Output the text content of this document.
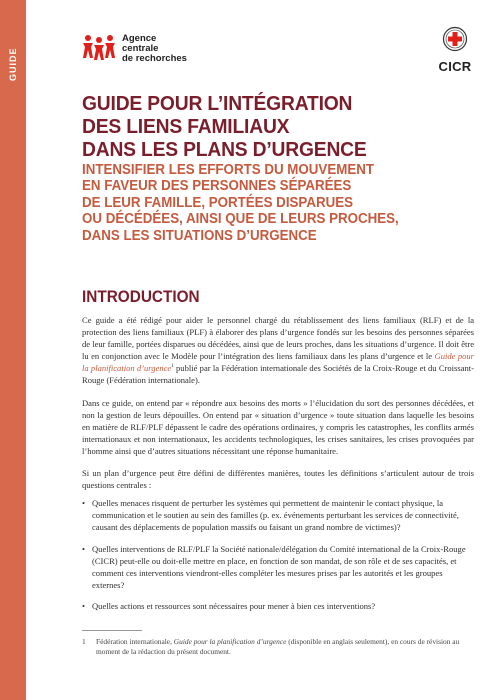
GUIDE
Agence
centrale
de rechorches
CICR
GUIDE POUR L’INTÉGRATION
DES LIENS FAMILIAUX
DANS LES PLANS D’URGENCE
INTENSIFIER LES EFFORTS DU MOUVEMENT
EN FAVEUR DES PERSONNES SÉPARÉES
DE LEUR FAMILLE, PORTÉES DISPARUES
OU DÉCÉDÉES, AINSI QUE DE LEURS PROCHES,
DANS LES SITUATIONS D’URGENCE
INTRODUCTION

Ce guide a été rédigé pour aider le personnel chargé du rétablissement des liens familiaux (RLF) et de la protection des liens familiaux (PLF) à élaborer des plans d’urgence fondés sur les besoins des personnes séparées de leur famille, portées disparues ou décédées, ainsi que de leurs proches, dans les situations d’urgence. Il doit être lu en conjonction avec le Modèle pour l’intégration des liens familiaux dans les plans d’urgence et le Guide pour la planification d’urgence$^1$ publié par la Fédération internationale des Sociétés de la Croix-Rouge et du Croissant-Rouge (Fédération internationale).

Dans ce guide, on entend par « répondre aux besoins des morts » l’élucidation du sort des personnes décédées, et non la gestion de leurs dépouilles. On entend par « situation d’urgence » toute situation dans laquelle les besoins en matière de RLF/PLF dépassent le cadre des opérations ordinaires, y compris les catastrophes, les conflits armés internationaux et non internationaux, les accidents technologiques, les crises sanitaires, les crises provoquées par l’homme ainsi que d’autres situations nécessitant une réponse humanitaire.

Si un plan d’urgence peut être défini de différentes manières, toutes les définitions s’articulent autour de trois questions centrales :

• Quelles menaces risquent de perturber les systèmes qui permettent de maintenir le contact physique, la communication et le soutien au sein des familles (p. ex. événements perturbant les services de connectivité, causant des déplacements de population massifs ou faisant un grand nombre de victimes)?
• Quelles interventions de RLF/PLF la Société nationale/délégation du Comité international de la Croix-Rouge (CICR) peut-elle ou doit-elle mettre en place, en fonction de son mandat, de son rôle et de ses capacités, et comment ces interventions viendront-elles compléter les mesures prises par les autorités et les groupes externes?
• Quelles actions et ressources sont nécessaires pour mener à bien ces interventions?
1	Fédération internationale, Guide pour la planification d’urgence (disponible en anglais seulement), en cours de révision au moment de la rédaction du présent document.
